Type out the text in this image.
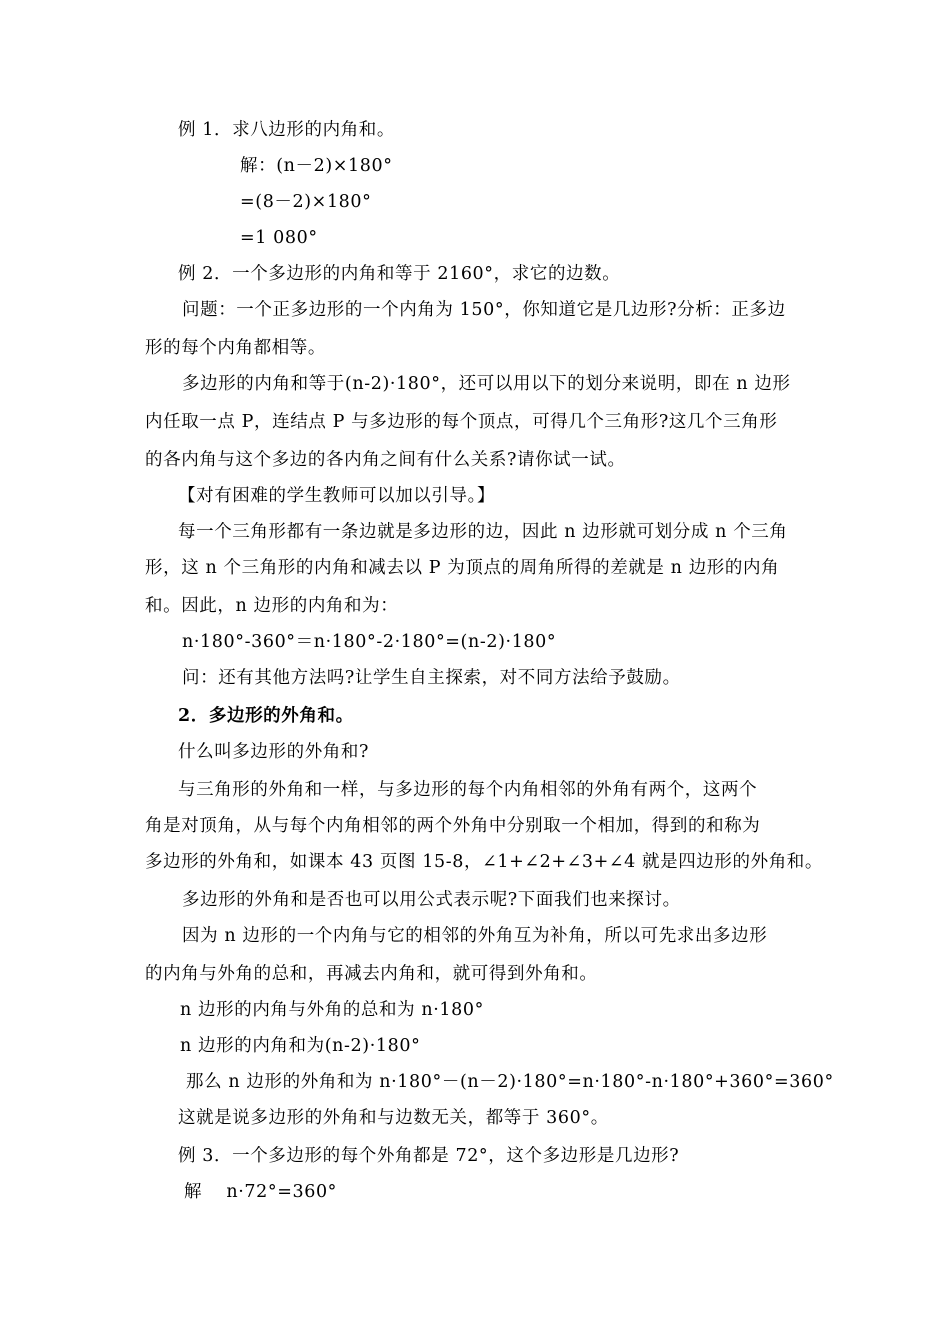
例 1．求八边形的内角和。
解：(n－2)×180°
=(8－2)×180°
=1 080°
例 2．一个多边形的内角和等于 2160°，求它的边数。
问题：一个正多边形的一个内角为 150°，你知道它是几边形?分析：正多边
形的每个内角都相等。
多边形的内角和等于(n-2)·180°，还可以用以下的划分来说明，即在 n 边形
内任取一点 P，连结点 P 与多边形的每个顶点，可得几个三角形?这几个三角形
的各内角与这个多边的各内角之间有什么关系?请你试一试。
【对有困难的学生教师可以加以引导。】
每一个三角形都有一条边就是多边形的边，因此 n 边形就可划分成 n 个三角
形，这 n 个三角形的内角和减去以 P 为顶点的周角所得的差就是 n 边形的内角
和。因此，n 边形的内角和为：
n·180°-360°＝n·180°-2·180°=(n-2)·180°
问：还有其他方法吗?让学生自主探索，对不同方法给予鼓励。
2．多边形的外角和。
什么叫多边形的外角和?
与三角形的外角和一样，与多边形的每个内角相邻的外角有两个，这两个
角是对顶角，从与每个内角相邻的两个外角中分别取一个相加，得到的和称为
多边形的外角和，如课本 43 页图 15-8，∠1+∠2+∠3+∠4 就是四边形的外角和。
多边形的外角和是否也可以用公式表示呢?下面我们也来探讨。
因为 n 边形的一个内角与它的相邻的外角互为补角，所以可先求出多边形
的内角与外角的总和，再减去内角和，就可得到外角和。
n 边形的内角与外角的总和为 n·180°
n 边形的内角和为(n-2)·180°
那么 n 边形的外角和为 n·180°－(n－2)·180°=n·180°-n·180°+360°=360°
这就是说多边形的外角和与边数无关，都等于 360°。
例 3．一个多边形的每个外角都是 72°，这个多边形是几边形?
解　 n·72°=360°
